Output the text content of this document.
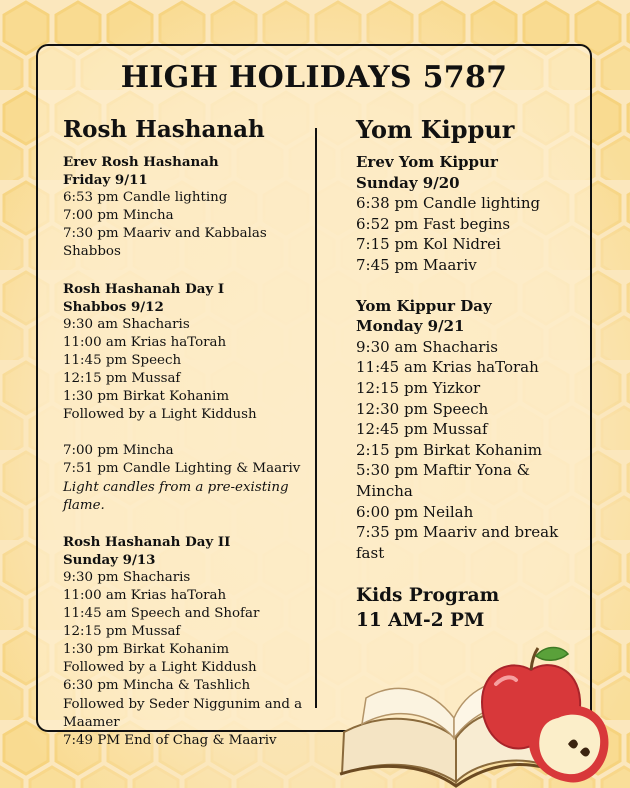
HIGH HOLIDAYS 5787
Rosh Hashanah
Erev Rosh Hashanah
Friday 9/11
6:53 pm Candle lighting
7:00 pm Mincha
7:30 pm Maariv and Kabbalas Shabbos
Rosh Hashanah Day I
Shabbos 9/12
9:30 am Shacharis
11:00 am Krias haTorah
11:45 pm Speech
12:15 pm Mussaf
1:30 pm Birkat Kohanim
Followed by a Light Kiddush
7:00 pm Mincha
7:51 pm Candle Lighting & Maariv
Light candles from a pre-existing flame.
Rosh Hashanah Day II
Sunday 9/13
9:30 pm Shacharis
11:00 am Krias haTorah
11:45 am Speech and Shofar
12:15 pm Mussaf
1:30 pm Birkat Kohanim
Followed by a Light Kiddush
6:30 pm Mincha & Tashlich
Followed by Seder Niggunim and a Maamer
7:49 PM End of Chag & Maariv
Yom Kippur
Erev Yom Kippur
Sunday 9/20
6:38 pm Candle lighting
6:52 pm Fast begins
7:15 pm Kol Nidrei
7:45 pm Maariv
Yom Kippur Day
Monday 9/21
9:30 am Shacharis
11:45 am Krias haTorah
12:15 pm Yizkor
12:30 pm Speech
12:45 pm Mussaf
2:15 pm Birkat Kohanim
5:30 pm Maftir Yona & Mincha
6:00 pm Neilah
7:35 pm Maariv and break fast
Kids Program
11 AM-2 PM
